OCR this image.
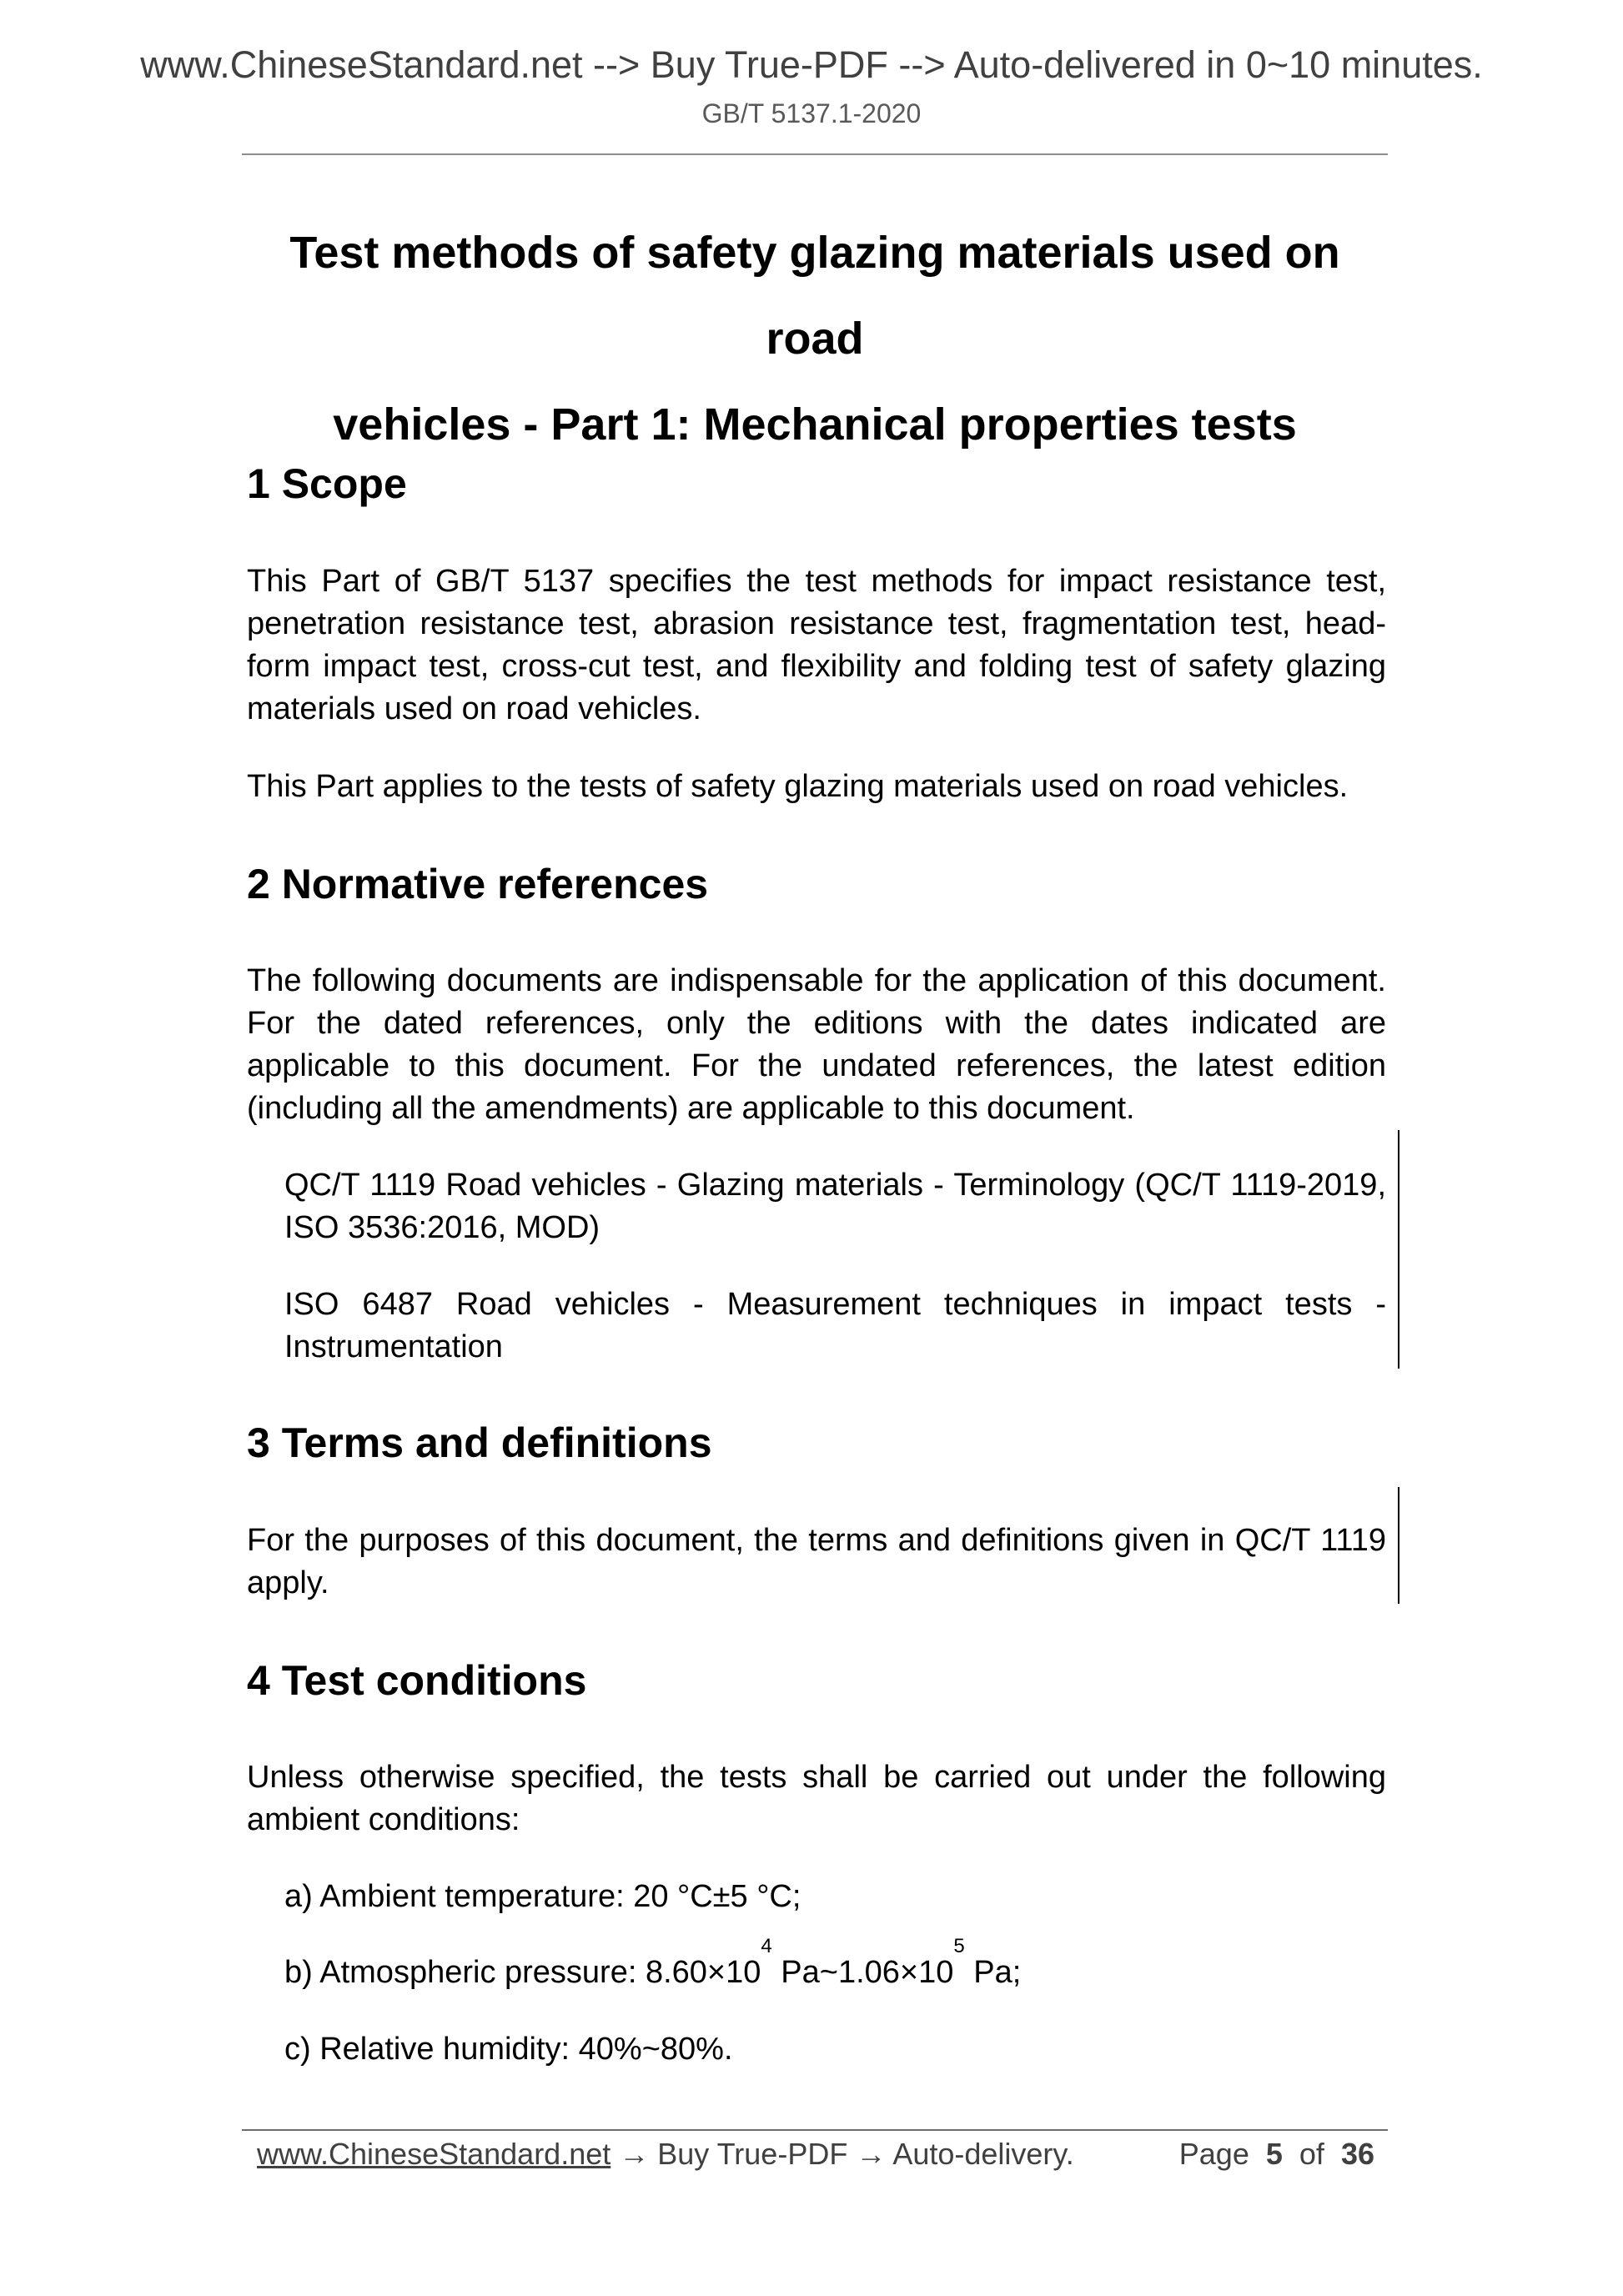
www.ChineseStandard.net --> Buy True-PDF --> Auto-delivered in 0~10 minutes.
GB/T 5137.1-2020
Test methods of safety glazing materials used on road
vehicles - Part 1: Mechanical properties tests
1 Scope
This Part of GB/T 5137 specifies the test methods for impact resistance test, penetration resistance test, abrasion resistance test, fragmentation test, head-form impact test, cross-cut test, and flexibility and folding test of safety glazing materials used on road vehicles.
This Part applies to the tests of safety glazing materials used on road vehicles.
2 Normative references
The following documents are indispensable for the application of this document. For the dated references, only the editions with the dates indicated are applicable to this document. For the undated references, the latest edition (including all the amendments) are applicable to this document.
QC/T 1119 Road vehicles - Glazing materials - Terminology (QC/T 1119-2019, ISO 3536:2016, MOD)
ISO 6487 Road vehicles - Measurement techniques in impact tests - Instrumentation
3 Terms and definitions
For the purposes of this document, the terms and definitions given in QC/T 1119 apply.
4 Test conditions
Unless otherwise specified, the tests shall be carried out under the following ambient conditions:
a) Ambient temperature: 20 °C±5 °C;
b) Atmospheric pressure: $8.60\times 10^4$ $Pa\sim 1.06\times 10^5$ Pa;
c) Relative humidity: 40%~80%.
www.ChineseStandard.net → Buy True-PDF → Auto-delivery.	Page 5 of 36
